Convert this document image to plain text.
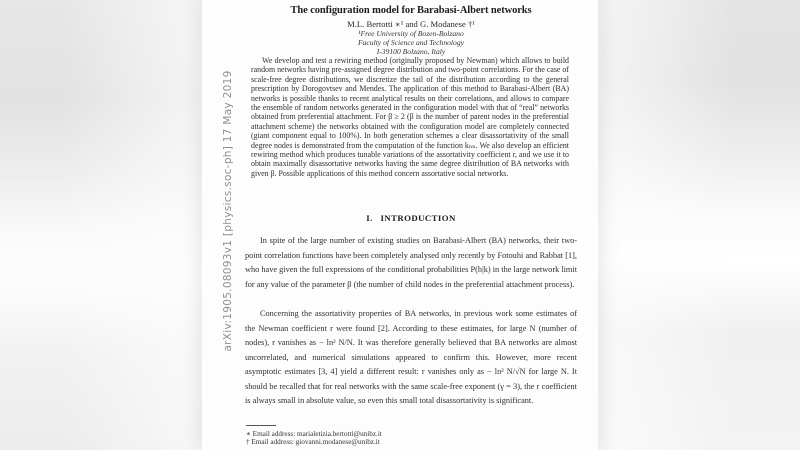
arXiv:1905.08093v1 [physics.soc-ph] 17 May 2019
The configuration model for Barabasi-Albert networks
M.L. Bertotti ∗¹ and G. Modanese †¹
¹Free University of Bozen-Bolzano
Faculty of Science and Technology
I-39100 Bolzano, Italy

We develop and test a rewiring method (originally proposed by Newman) which allows to build random networks having pre-assigned degree distribution and two-point correlations. For the case of scale-free degree distributions, we discretize the tail of the distribution according to the general prescription by Dorogovtsev and Mendes. The application of this method to Barabasi-Albert (BA) networks is possible thanks to recent analytical results on their correlations, and allows to compare the ensemble of random networks generated in the configuration model with that of “real” networks obtained from preferential attachment. For β ≥ 2 (β is the number of parent nodes in the preferential attachment scheme) the networks obtained with the configuration model are completely connected (giant component equal to 100%). In both generation schemes a clear disassortativity of the small degree nodes is demonstrated from the computation of the function kₙₙ. We also develop an efficient rewiring method which produces tunable variations of the assortativity coefficient r, and we use it to obtain maximally disassortative networks having the same degree distribution of BA networks with given β. Possible applications of this method concern assortative social networks.

I.   INTRODUCTION

In spite of the large number of existing studies on Barabasi-Albert (BA) networks, their two-point correlation functions have been completely analysed only recently by Fotouhi and Rabbat [1], who have given the full expressions of the conditional probabilities P(h|k) in the large network limit for any value of the parameter β (the number of child nodes in the preferential attachment process).

Concerning the assortativity properties of BA networks, in previous work some estimates of the Newman coefficient r were found [2]. According to these estimates, for large N (number of nodes), r vanishes as − ln² N/N. It was therefore generally believed that BA networks are almost uncorrelated, and numerical simulations appeared to confirm this. However, more recent asymptotic estimates [3, 4] yield a different result: r vanishes only as − ln² N/√N for large N. It should be recalled that for real networks with the same scale-free exponent (γ = 3), the r coefficient is always small in absolute value, so even this small total disassortativity is significant.

∗ Email address: marialetizia.bertotti@unibz.it
† Email address: giovanni.modanese@unibz.it
